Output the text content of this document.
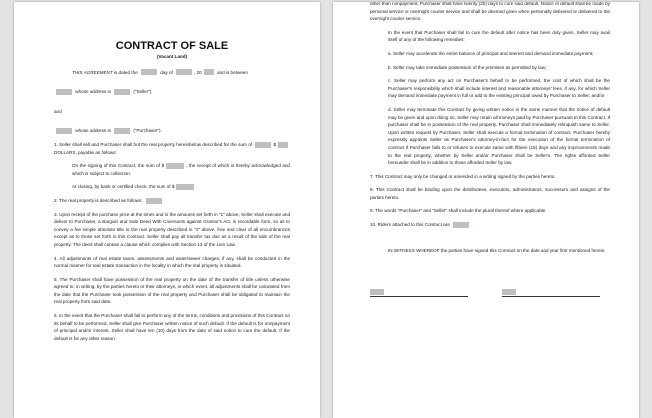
CONTRACT OF SALE
(Vacant Land)

THIS AGREEMENT is dated the	day of	, 20	and is between

whose address is	("Seller")

and

whose address is	("Purchaser").

1. Seller shall sell and Purchaser shall but the real property hereinbelow described for the sum of	$ DOLLARS, payable as follows:

On the signing of this Contract, the sum of $	, the receipt of which is hereby acknowledged and which is subject to collection.

At closing, by bank or certified check, the sum of $	.

2. The real property is described as follows:

3. Upon receipt of the purchase price at the times and in the amounts set forth in "1" above, Seller shall execute and deliver to Purchaser, a Bargain and Sale Deed With Covenants against Grantor's Act, in recordable form, so as to convey a fee simple absolute title to the real property described in "2" above, free and clear of all encumbrances except as to those set forth in this Contract. Seller shall pay all transfer tax due as a result of the sale of the real property. The deed shall contain a clause which complies with Section 13 of the Lien Law.

4. All adjustments of real estate taxes, assessments and water/sewer charges, if any, shall be conducted in the normal manner for real estate transaction in the locality in which the real property is situated.

5. The Purchaser shall have possession of the real property on the date of the transfer of title unless otherwise agreed to, in writing, by the parties hereto or their attorneys, in which event, all adjustments shall be calculated from the date that the Purchaser took possession of the real property and Purchaser shall be obligated to maintain the real property from said date.

6. In the event that the Purchaser shall fail to perform any of the terms, conditions and provisions of this Contract on its behalf to be performed, Seller shall give Purchaser written notice of such default. If the default is for nonpayment of principal and/or interest, Seller shall have ten (10) days from the date of said notice to cure the default. If the default is for any other reason

other than nonpayment, Purchaser shall have twenty (20) days to cure said default. Notice of default shall be made by personal service or overnight courier service and shall be deemed given when personally delivered or delivered to the overnight courier service.

In the event that Purchaser shall fail to cure the default after notice has been duly given, Seller may avail itself of any of the following remedies:

a. Seller may accelerate the entire balance of principal and interest and demand immediate payment;

b. Seller may take immediate possession of the premises as permitted by law;

c. Seller may perform any act on Purchaser's behalf to be performed, the cost of which shall be the Purchaser's responsibility which shall include interest and reasonable attorneys' fees, if any, for which Seller may demand immediate payment in full or add to the existing principal owed by Purchaser to Seller; and/or

d. Seller may terminate this Contract by giving written notice in the same manner that the notice of default may be given and upon doing so, Seller may retain all moneys paid by Purchaser pursuant to this Contract. If purchaser shall be in possession of the real property, Purchaser shall immediately relinquish same to Seller. Upon written request by Purchaser, Seller shall execute a formal termination of contract. Purchaser hereby expressly appoints Seller as Purchaser's attorney-in-fact for the execution of the formal termination of contract if Purchaser fails to or refuses to execute same with fifteen (15) days and any improvements made to the real property, whether by Seller and/or Purchaser shall be Seller's. The rights afforded Seller hereunder shall be in addition to those afforded Seller by law.

7. This Contract may only be changed or amended in a writing signed by the parties hereto.

8. This Contract shall be binding upon the distributees, executors, administrators, successors and assigns of the parties hereto.

9. The words "Purchaser" and "Seller" shall include the plural thereof where applicable.

10. Riders attached to this Contract are	.

IN WITNESS WHEREOF the parties have signed this Contract on the date and year first mentioned herein.
